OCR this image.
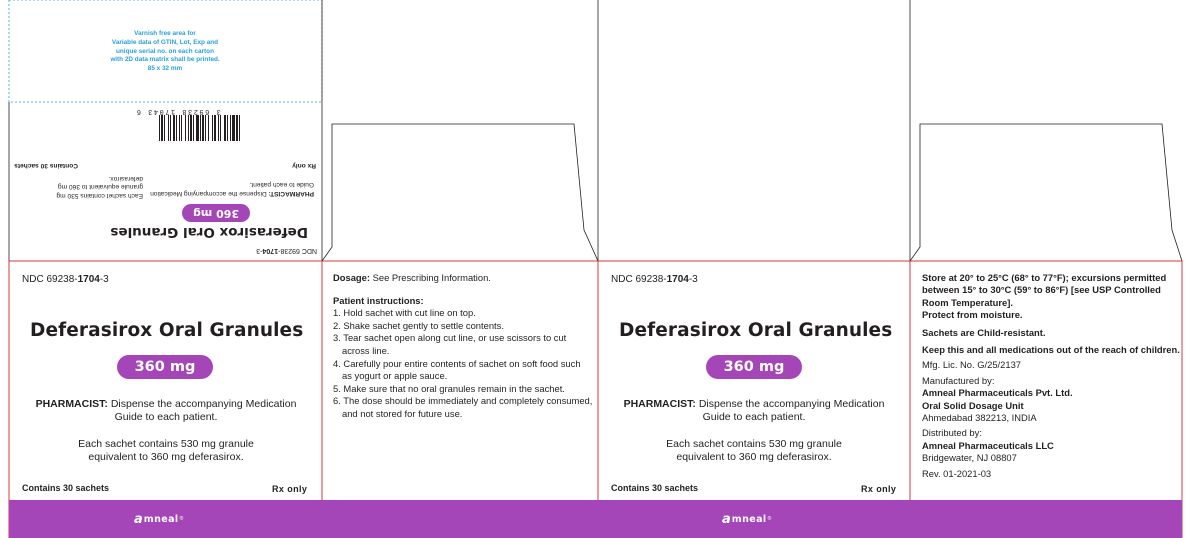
Varnish free area for
Variable data of GTIN, Lot, Exp and
unique serial no. on each carton
with 2D data matrix shall be printed.
85 x 32 mm
NDC 69238-1704-3
Deferasirox Oral Granules
360 mg
PHARMACIST: Dispense the accompanying Medication Guide to each patient.
Each sachet contains 530 mg granule equivalent to 360 mg deferasirox.
Contains 30 sachets	Rx only
3 69238 17043 6
NDC 69238-1704-3
Deferasirox Oral Granules
360 mg
PHARMACIST: Dispense the accompanying Medication
Guide to each patient.
Each sachet contains 530 mg granule
equivalent to 360 mg deferasirox.
Contains 30 sachets	Rx only
a mneal ®
Dosage: See Prescribing Information.
Patient instructions:
1. Hold sachet with cut line on top.
2. Shake sachet gently to settle contents.
3. Tear sachet open along cut line, or use scissors to cut across line.
4. Carefully pour entire contents of sachet on soft food such as yogurt or apple sauce.
5. Make sure that no oral granules remain in the sachet.
6. The dose should be immediately and completely consumed, and not stored for future use.
NDC 69238-1704-3
Deferasirox Oral Granules
360 mg
PHARMACIST: Dispense the accompanying Medication
Guide to each patient.
Each sachet contains 530 mg granule
equivalent to 360 mg deferasirox.
Contains 30 sachets	Rx only
a mneal ®
Store at 20° to 25°C (68° to 77°F); excursions permitted between 15° to 30°C (59° to 86°F) [see USP Controlled Room Temperature].
Protect from moisture.
Sachets are Child-resistant.
Keep this and all medications out of the reach of children.
Mfg. Lic. No. G/25/2137
Manufactured by:
Amneal Pharmaceuticals Pvt. Ltd.
Oral Solid Dosage Unit
Ahmedabad 382213, INDIA
Distributed by:
Amneal Pharmaceuticals LLC
Bridgewater, NJ 08807
Rev. 01-2021-03
